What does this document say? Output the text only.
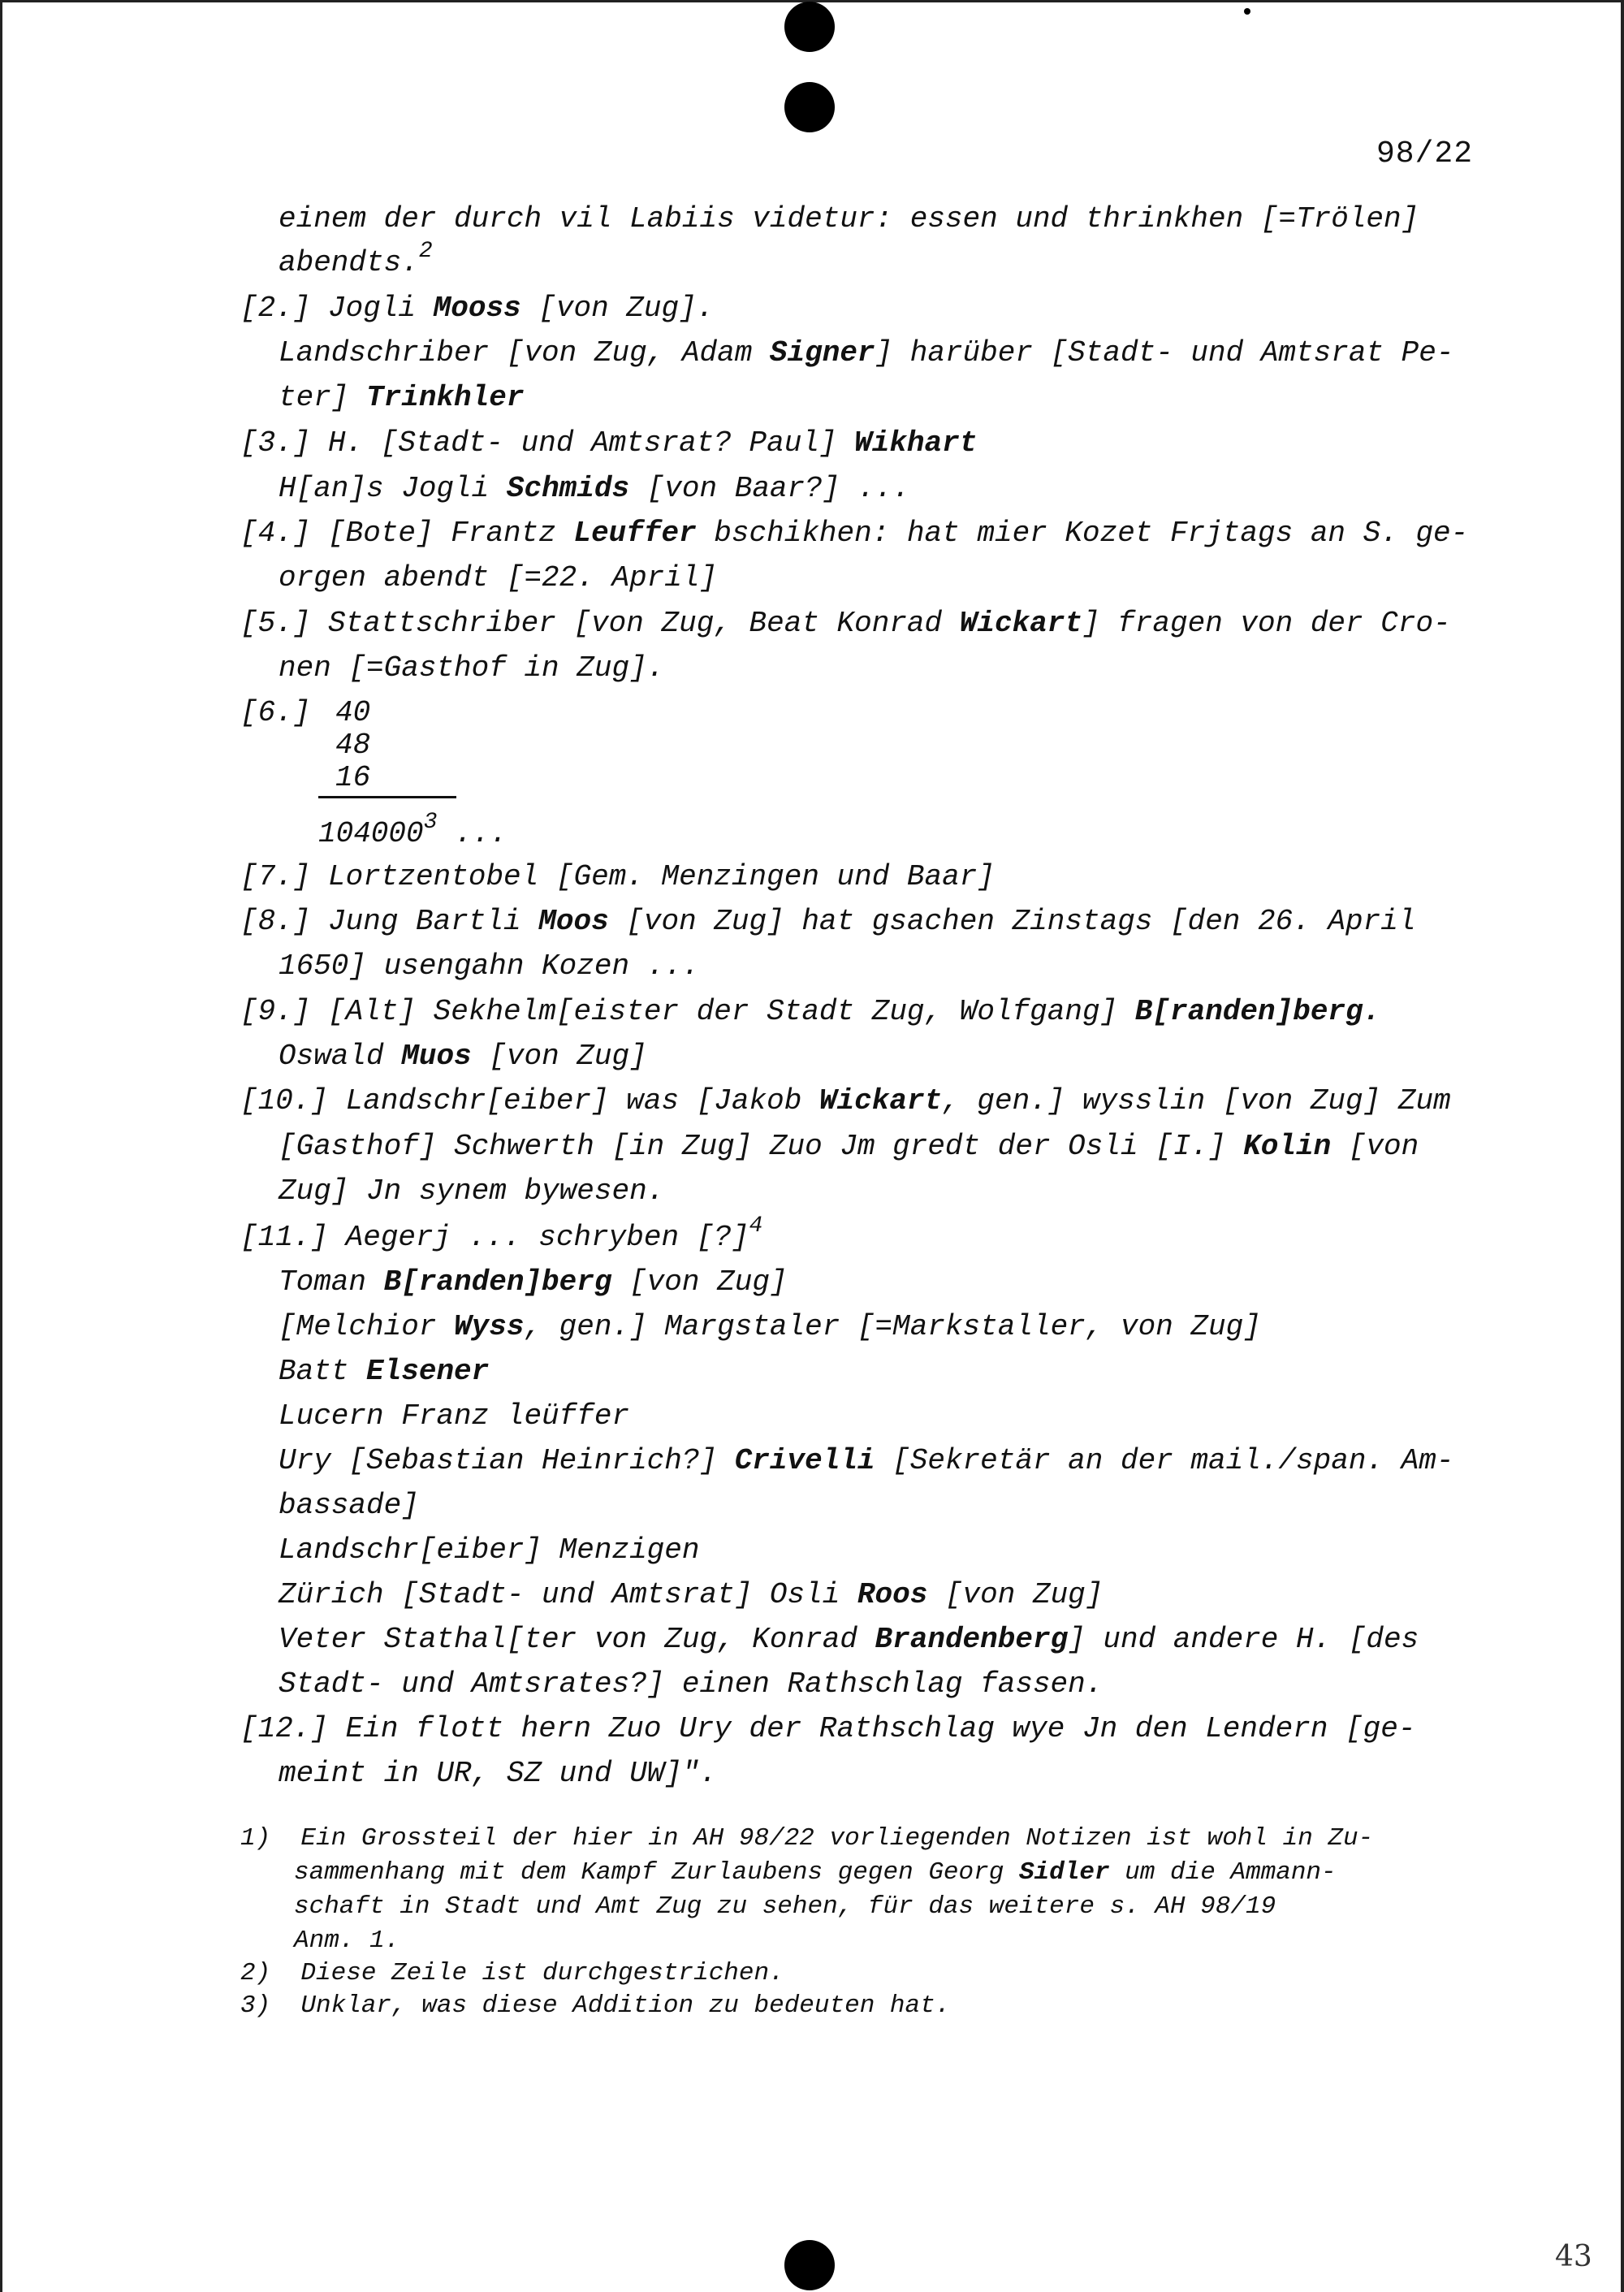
98/22
einem der durch vil Labiis videtur: essen und thrinkhen [=Trölen]
abendts.$^2$
[2.] Jogli Mooss [von Zug].
Landschriber [von Zug, Adam Signer] harüber [Stadt- und Amtsrat Pe-
ter] Trinkhler
[3.] H. [Stadt- und Amtsrat? Paul] Wikhart
H[an]s Jogli Schmids [von Baar?] ...
[4.] [Bote] Frantz Leuffer bschikhen: hat mier Kozet Frjtags an S. ge-
orgen abendt [=22. April]
[5.] Stattschriber [von Zug, Beat Konrad Wickart] fragen von der Cro-
nen [=Gasthof in Zug].
[6.] 40
48
16
104000$^3$ ...
[7.] Lortzentobel [Gem. Menzingen und Baar]
[8.] Jung Bartli Moos [von Zug] hat gsachen Zinstags [den 26. April
1650] usengahn Kozen ...
[9.] [Alt] Sekhelm[eister der Stadt Zug, Wolfgang] B[randen]berg.
Oswald Muos [von Zug]
[10.] Landschr[eiber] was [Jakob Wickart, gen.] wysslin [von Zug] Zum
[Gasthof] Schwerth [in Zug] Zuo Jm gredt der Osli [I.] Kolin [von
Zug] Jn synem bywesen.
[11.] Aegerj ... schryben [?]$^4$
Toman B[randen]berg [von Zug]
[Melchior Wyss, gen.] Margstaler [=Markstaller, von Zug]
Batt Elsener
Lucern Franz leüffer
Ury [Sebastian Heinrich?] Crivelli [Sekretär an der mail./span. Am-
bassade]
Landschr[eiber] Menzigen
Zürich [Stadt- und Amtsrat] Osli Roos [von Zug]
Veter Stathal[ter von Zug, Konrad Brandenberg] und andere H. [des
Stadt- und Amtsrates?] einen Rathschlag fassen.
[12.] Ein flott hern Zuo Ury der Rathschlag wye Jn den Lendern [ge-
meint in UR, SZ und UW]".
1)  Ein Grossteil der hier in AH 98/22 vorliegenden Notizen ist wohl in Zu-
sammenhang mit dem Kampf Zurlaubens gegen Georg Sidler um die Ammann-
schaft in Stadt und Amt Zug zu sehen, für das weitere s. AH 98/19
Anm. 1.
2)  Diese Zeile ist durchgestrichen.
3)  Unklar, was diese Addition zu bedeuten hat.
43
